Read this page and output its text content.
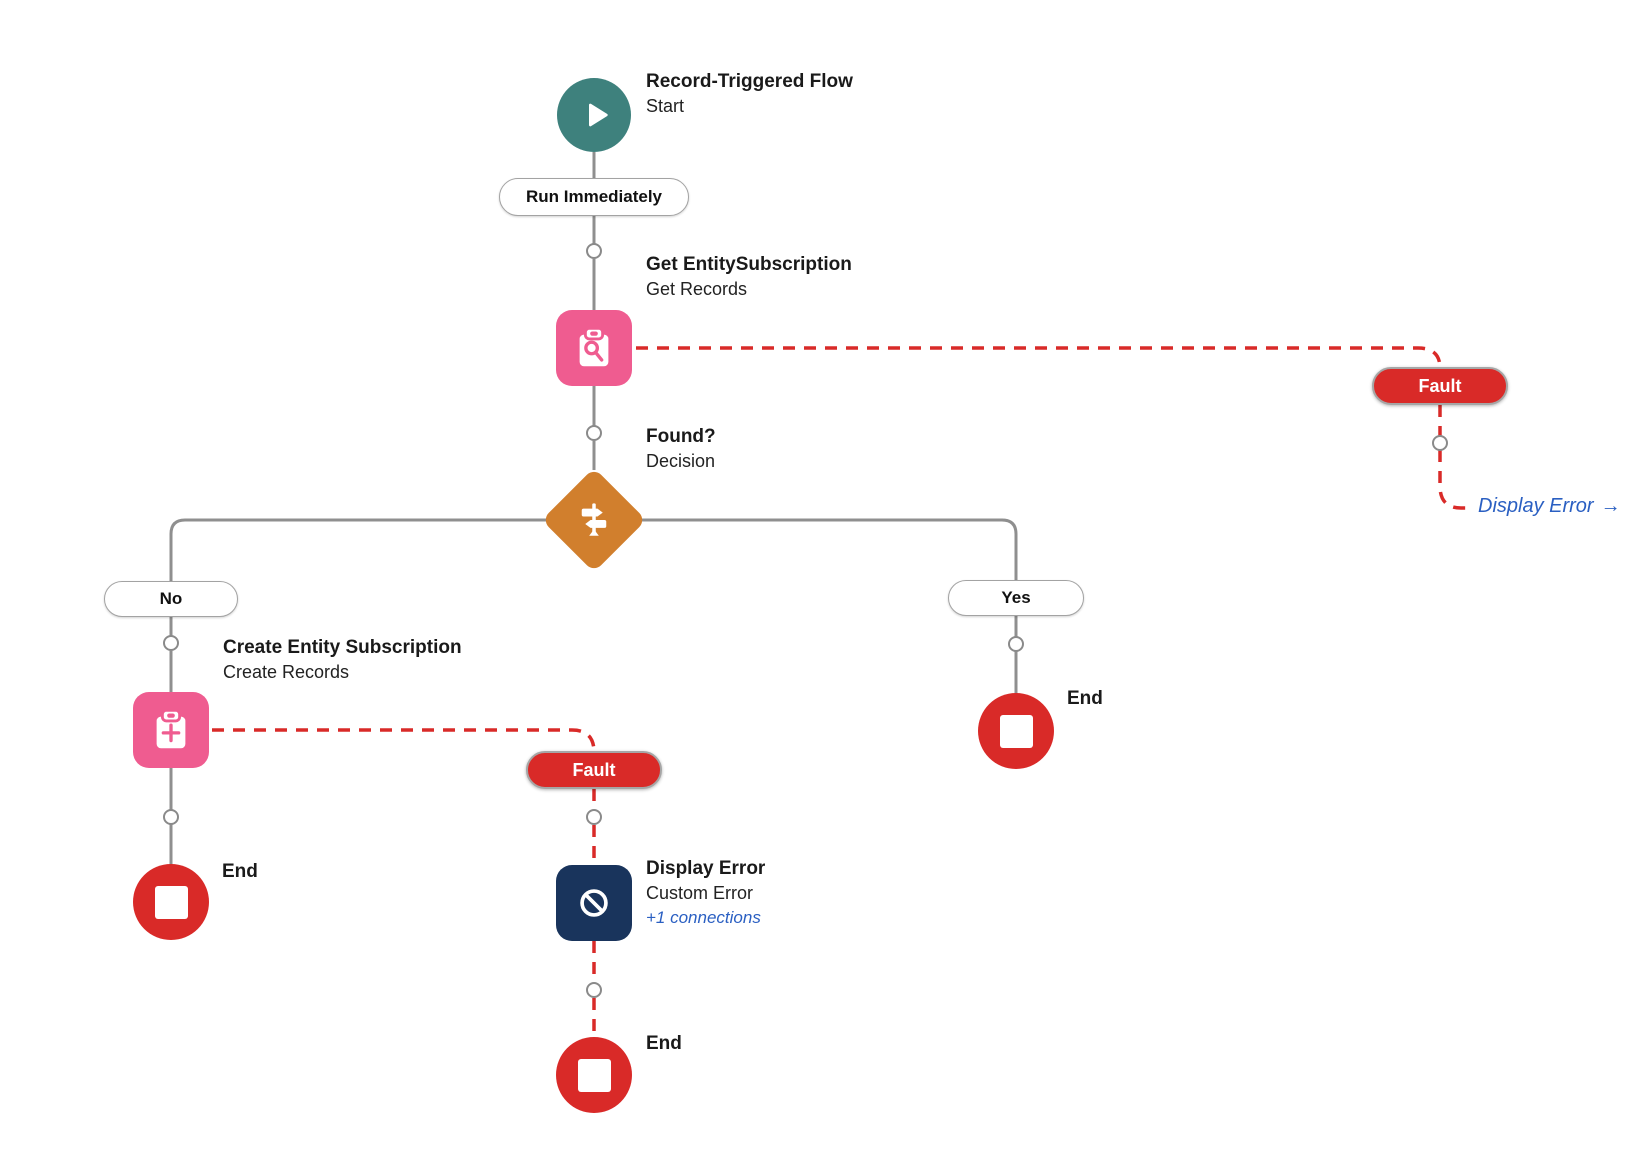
Record-Triggered Flow
Start
Run Immediately
Get EntitySubscription
Get Records
Fault
Display Error →
Found?
Decision
No	Yes
Create Entity Subscription
Create Records
Fault
Display Error
Custom Error
+1 connections
End
End
End
